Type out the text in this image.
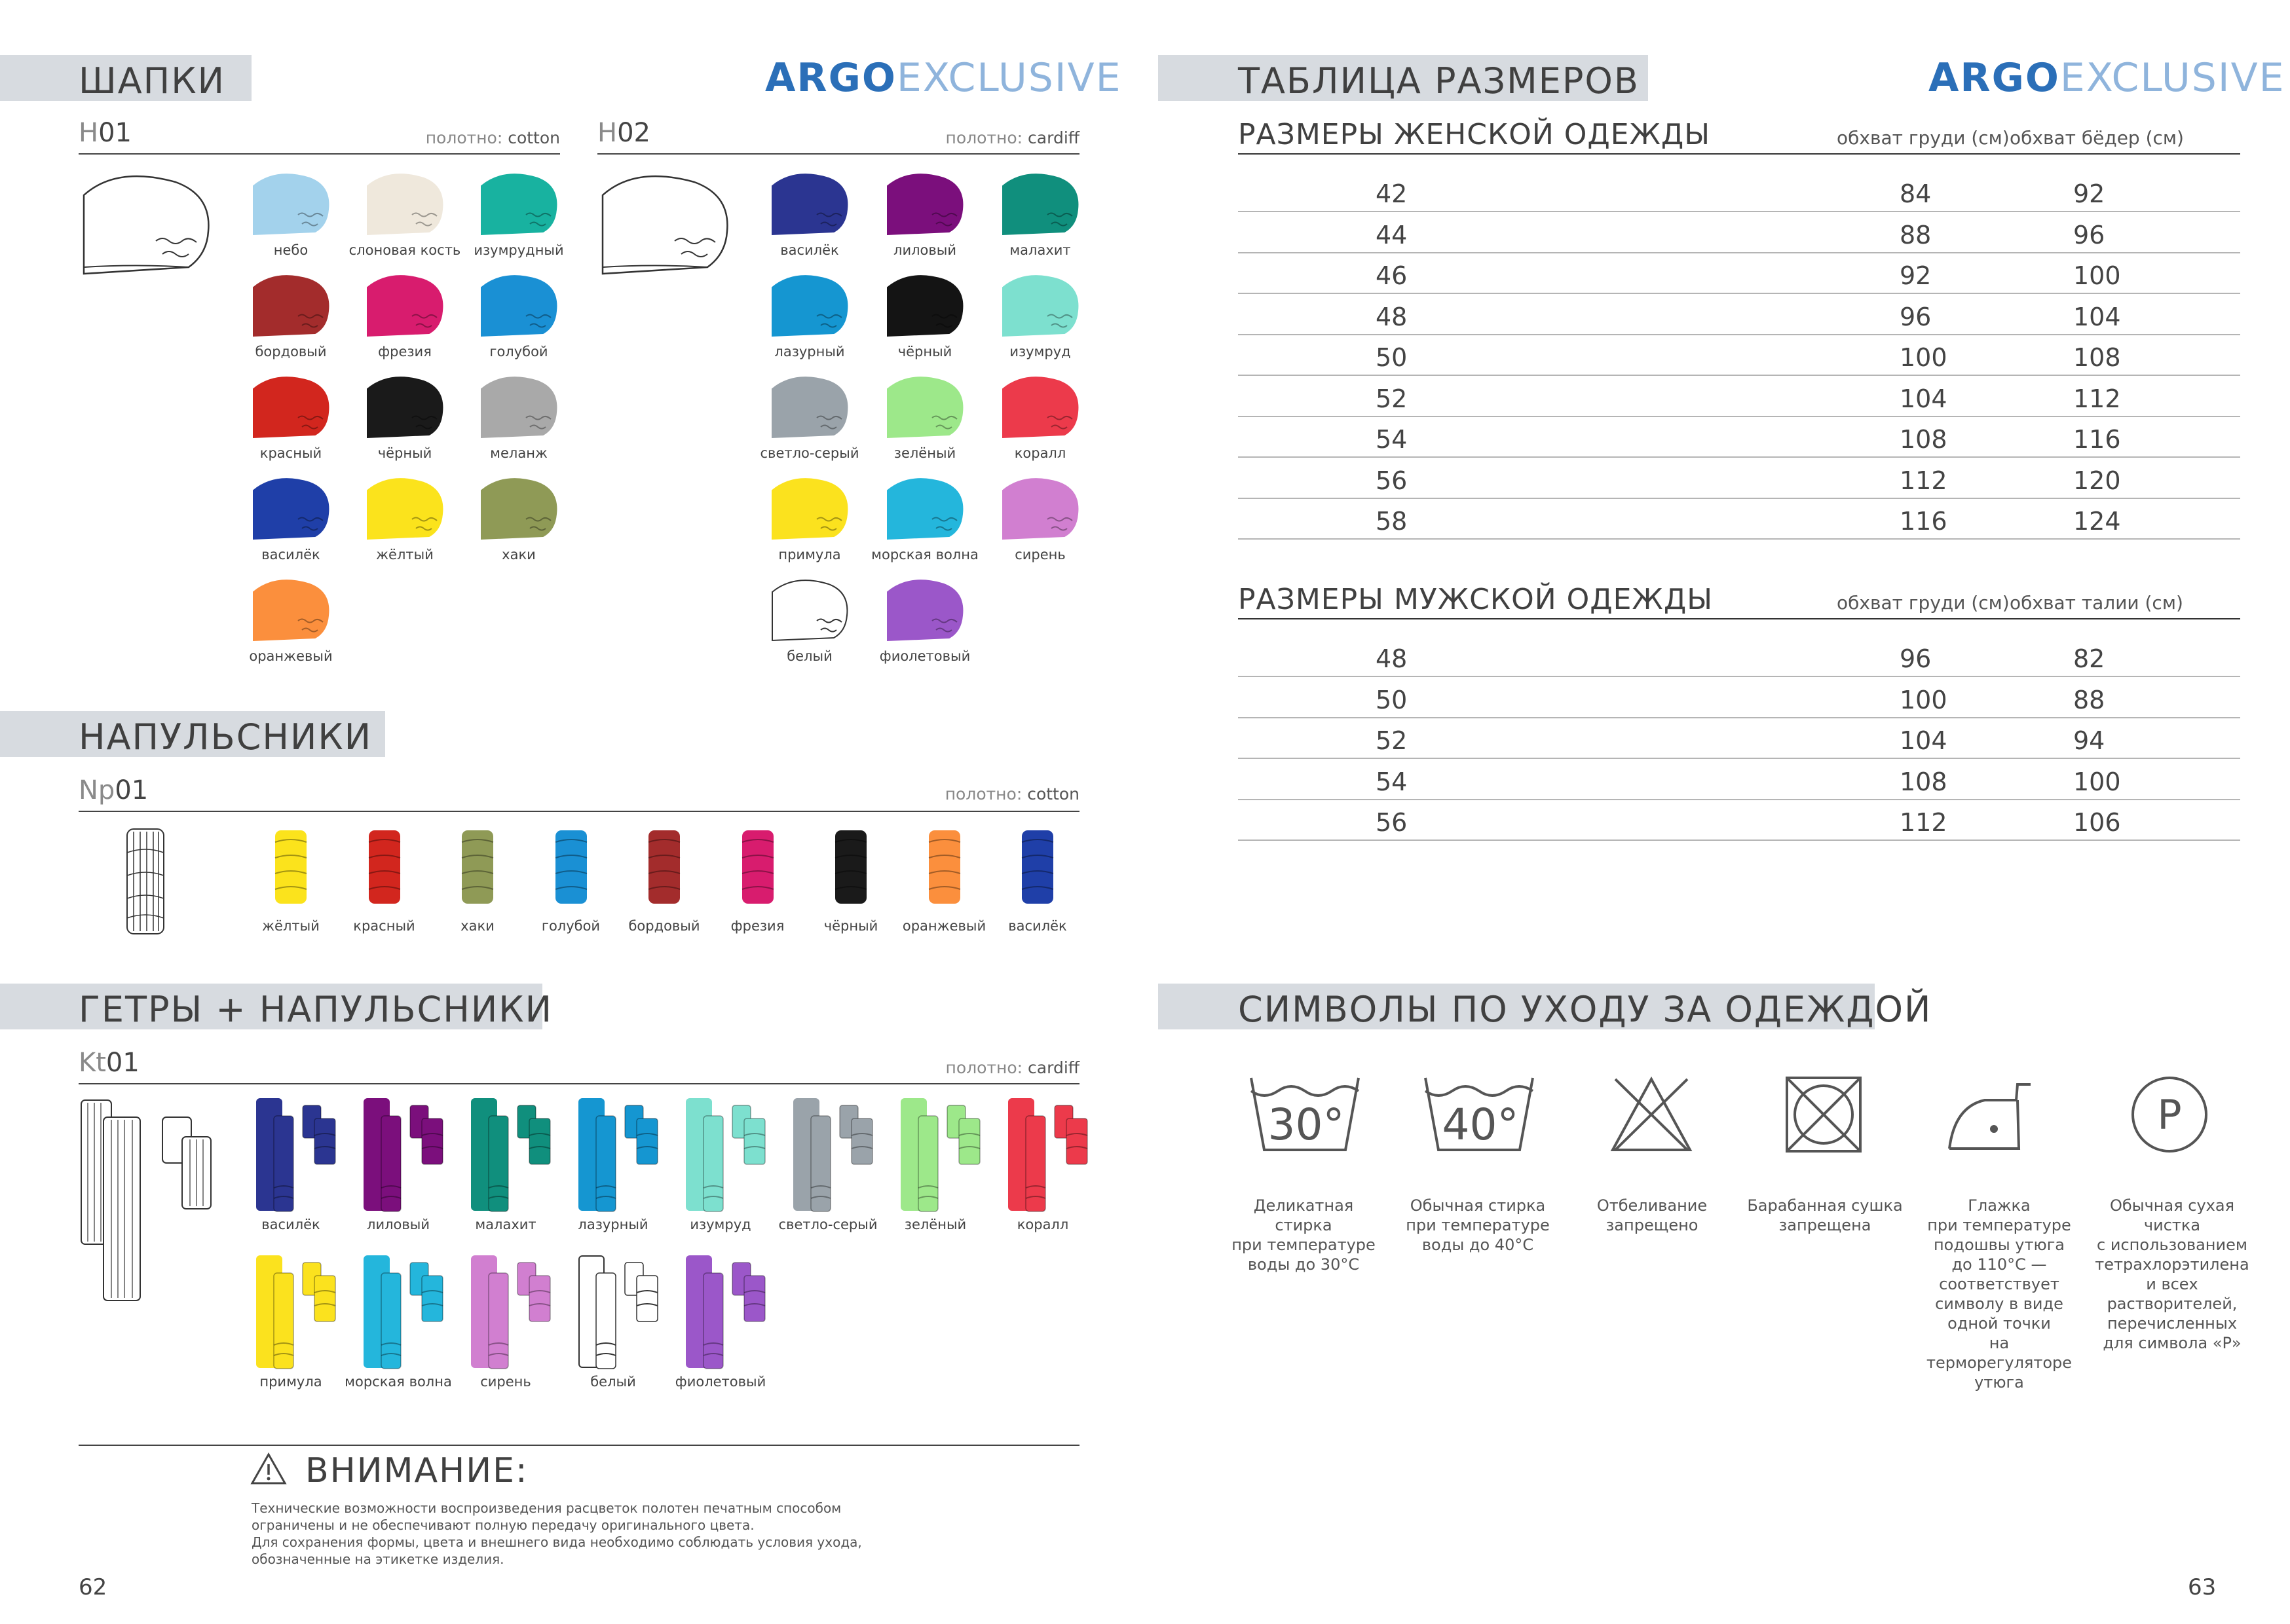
ШАПКИ	ARGOEXCLUSIVE
H01	полотно: cotton
небо	слоновая кость изумрудный
бордовый	фрезия	голубой
красный	чёрный	меланж
василёк	жёлтый	хаки
оранжевый
H02	полотно: cardiff
василёк	лиловый	малахит
лазурный	чёрный	изумруд
светло-серый	зелёный	коралл
примула	морская волна	сирень
белый	фиолетовый
НАПУЛЬСНИКИ
Np01	полотно: cotton
жёлтый	красный	хаки	голубой	бордовый	фрезия	чёрный	оранжевый	василёк
ГЕТРЫ + НАПУЛЬСНИКИ
Kt01	полотно: cardiff
василёк	лиловый	малахит	лазурный	изумруд	светло-серый	зелёный	коралл
примула	морская волна	сирень	белый	фиолетовый
ВНИМАНИЕ:
Технические возможности воспроизведения расцветок полотен печатным способом
ограничены и не обеспечивают полную передачу оригинального цвета.
Для сохранения формы, цвета и внешнего вида необходимо соблюдать условия ухода,
обозначенные на этикетке изделия.
62
ТАБЛИЦА РАЗМЕРОВ	ARGOEXCLUSIVE
РАЗМЕРЫ ЖЕНСКОЙ ОДЕЖДЫ	обхват груди (см) обхват бёдер (см)
42	84	92
44	88	96
46	92	100
48	96	104
50	100	108
52	104	112
54	108	116
56	112	120
58	116	124
РАЗМЕРЫ МУЖСКОЙ ОДЕЖДЫ	обхват груди (см) обхват талии (см)
48	96	82
50	100	88
52	104	94
54	108	100
56	112	106
СИМВОЛЫ ПО УХОДУ ЗА ОДЕЖДОЙ
30° 40°	P
Деликатная
стирка
при температуре
воды до 30°C
Обычная стирка
при температуре
воды до 40°C
Отбеливание
запрещено
Барабанная сушка
запрещена
Глажка
при температуре
подошвы утюга
до 110°C —
соответствует
символу в виде
одной точки
на терморегуляторе
утюга
Обычная сухая
чистка
с использованием
тетрахлорэтилена
и всех
растворителей,
перечисленных
для символа «P»
63
